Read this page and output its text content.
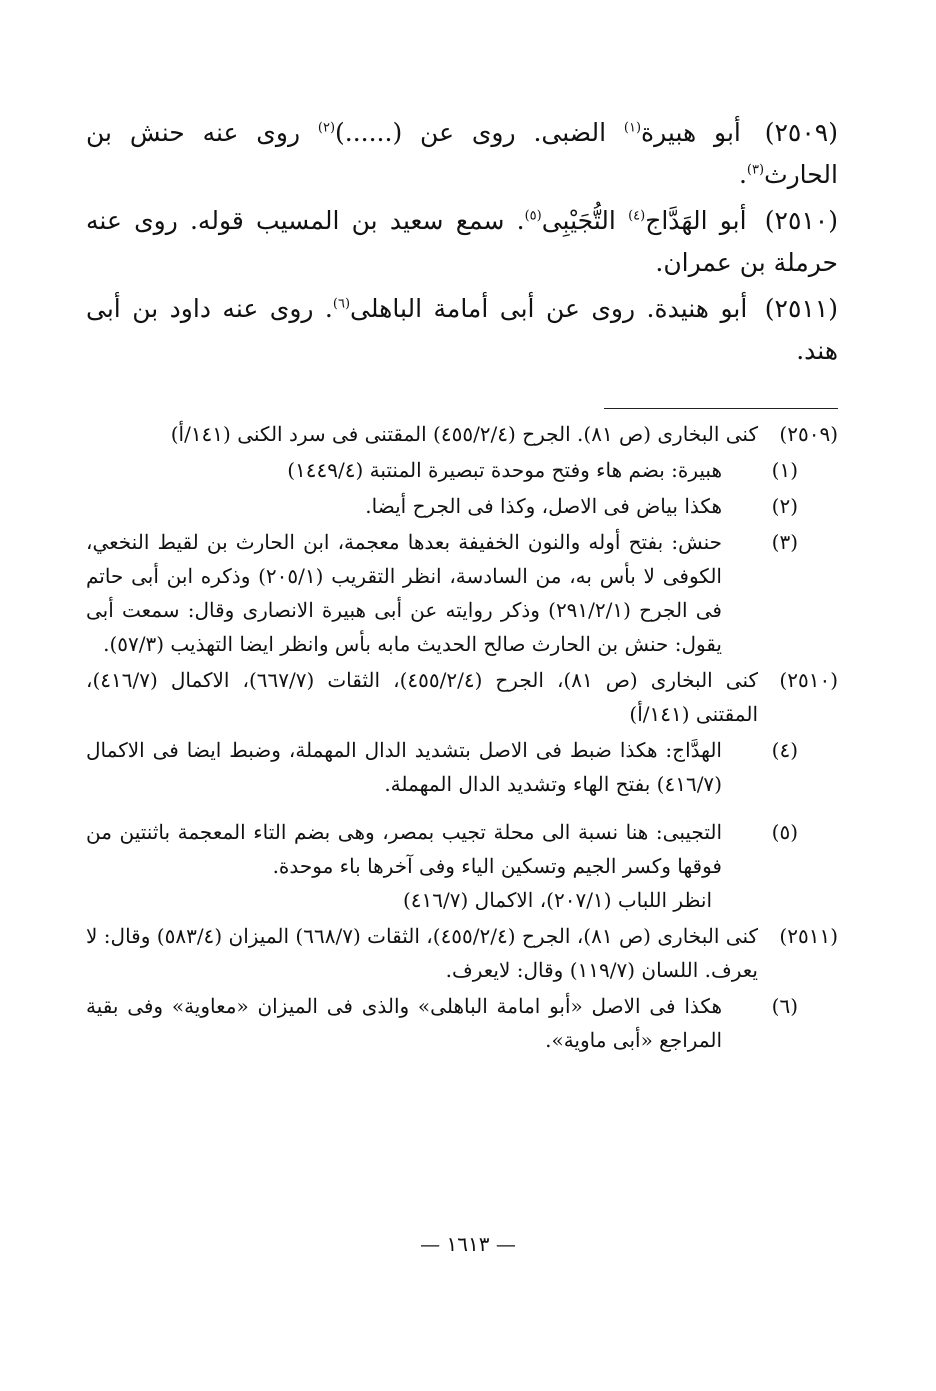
(٢٥٠٩) أبو هبيرة$^{(١)}$ الضبى. روى عن (......)$^{(٢)}$ روى عنه حنش بن الحارث$^{(٣)}$.

(٢٥١٠) أبو الهَدَّاج$^{(٤)}$ التُّجَيْبِى$^{(٥)}$. سمع سعيد بن المسيب قوله. روى عنه حرملة بن عمران.

(٢٥١١) أبو هنيدة. روى عن أبى أمامة الباهلى$^{(٦)}$. روى عنه داود بن أبى هند.

(٢٥٠٩)
كنى البخارى (ص ٨١). الجرح (٤٥٥/٢/٤) المقتنى فى سرد الكنى (١٤١/أ)
(١)
هبيرة: بضم هاء وفتح موحدة تبصيرة المنتبة (١٤٤٩/٤)
(٢)
هكذا بياض فى الاصل، وكذا فى الجرح أيضا.
(٣)
حنش: بفتح أوله والنون الخفيفة بعدها معجمة، ابن الحارث بن لقيط النخعي، الكوفى لا بأس به، من السادسة، انظر التقريب (٢٠٥/١) وذكره ابن أبى حاتم فى الجرح (٢٩١/٢/١) وذكر روايته عن أبى هبيرة الانصارى وقال: سمعت أبى يقول: حنش بن الحارث صالح الحديث مابه بأس وانظر ايضا التهذيب (٥٧/٣).
(٢٥١٠)
كنى البخارى (ص ٨١)، الجرح (٤٥٥/٢/٤)، الثقات (٦٦٧/٧)، الاكمال (٤١٦/٧)، المقتنى (١٤١/أ)
(٤)
الهدَّاج: هكذا ضبط فى الاصل بتشديد الدال المهملة، وضبط ايضا فى الاكمال (٤١٦/٧) بفتح الهاء وتشديد الدال المهملة.
(٥)
التجيبى: هنا نسبة الى محلة تجيب بمصر، وهى بضم التاء المعجمة باثنتين من فوقها وكسر الجيم وتسكين الياء وفى آخرها باء موحدة.
انظر اللباب (٢٠٧/١)، الاكمال (٤١٦/٧)
(٢٥١١)
كنى البخارى (ص ٨١)، الجرح (٤٥٥/٢/٤)، الثقات (٦٦٨/٧) الميزان (٥٨٣/٤) وقال: لا يعرف. اللسان (١١٩/٧) وقال: لايعرف.
(٦)
هكذا فى الاصل «أبو امامة الباهلى» والذى فى الميزان «معاوية» وفى بقية المراجع «أبى ماوية».
— ١٦١٣ —
